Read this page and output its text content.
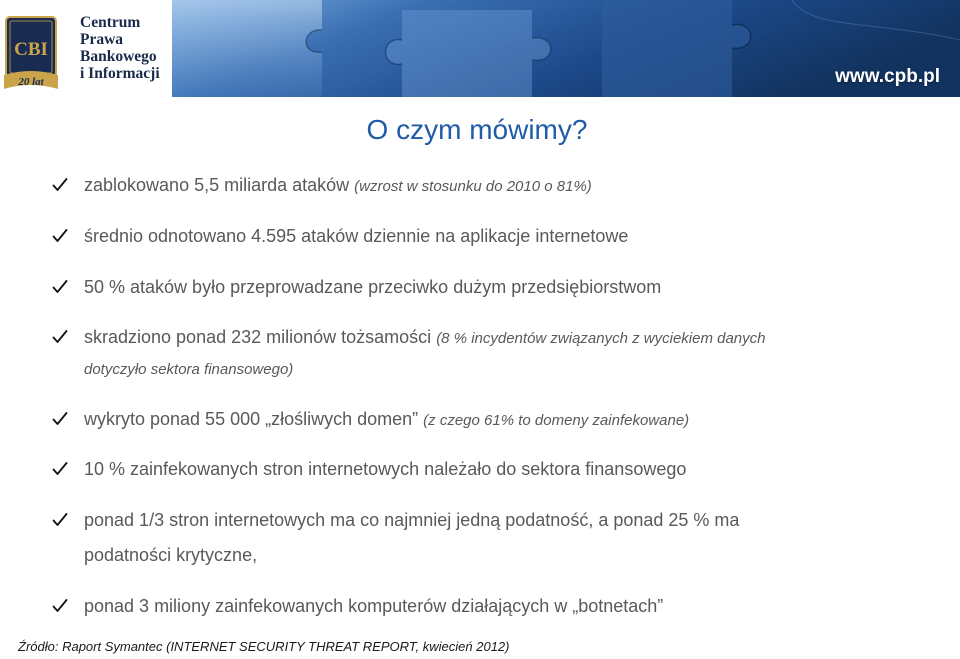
CBI
20 lat
Centrum
Prawa
Bankowego
i Informacji	www.cpb.pl
O czym mówimy?
zablokowano 5,5 miliarda ataków (wzrost w stosunku do 2010 o 81%)
średnio odnotowano 4.595 ataków dziennie na aplikacje internetowe
50 % ataków było przeprowadzane przeciwko dużym przedsiębiorstwom
skradziono ponad 232 milionów tożsamości (8 % incydentów związanych z wyciekiem danych
dotyczyło sektora finansowego)
wykryto ponad 55 000 „złośliwych domen” (z czego 61% to domeny zainfekowane)
10 % zainfekowanych stron internetowych należało do sektora finansowego
ponad 1/3 stron internetowych ma co najmniej jedną podatność, a ponad 25 % ma
podatności krytyczne,
ponad 3 miliony zainfekowanych komputerów działających w „botnetach”
Źródło: Raport Symantec (INTERNET SECURITY THREAT REPORT, kwiecień 2012)
